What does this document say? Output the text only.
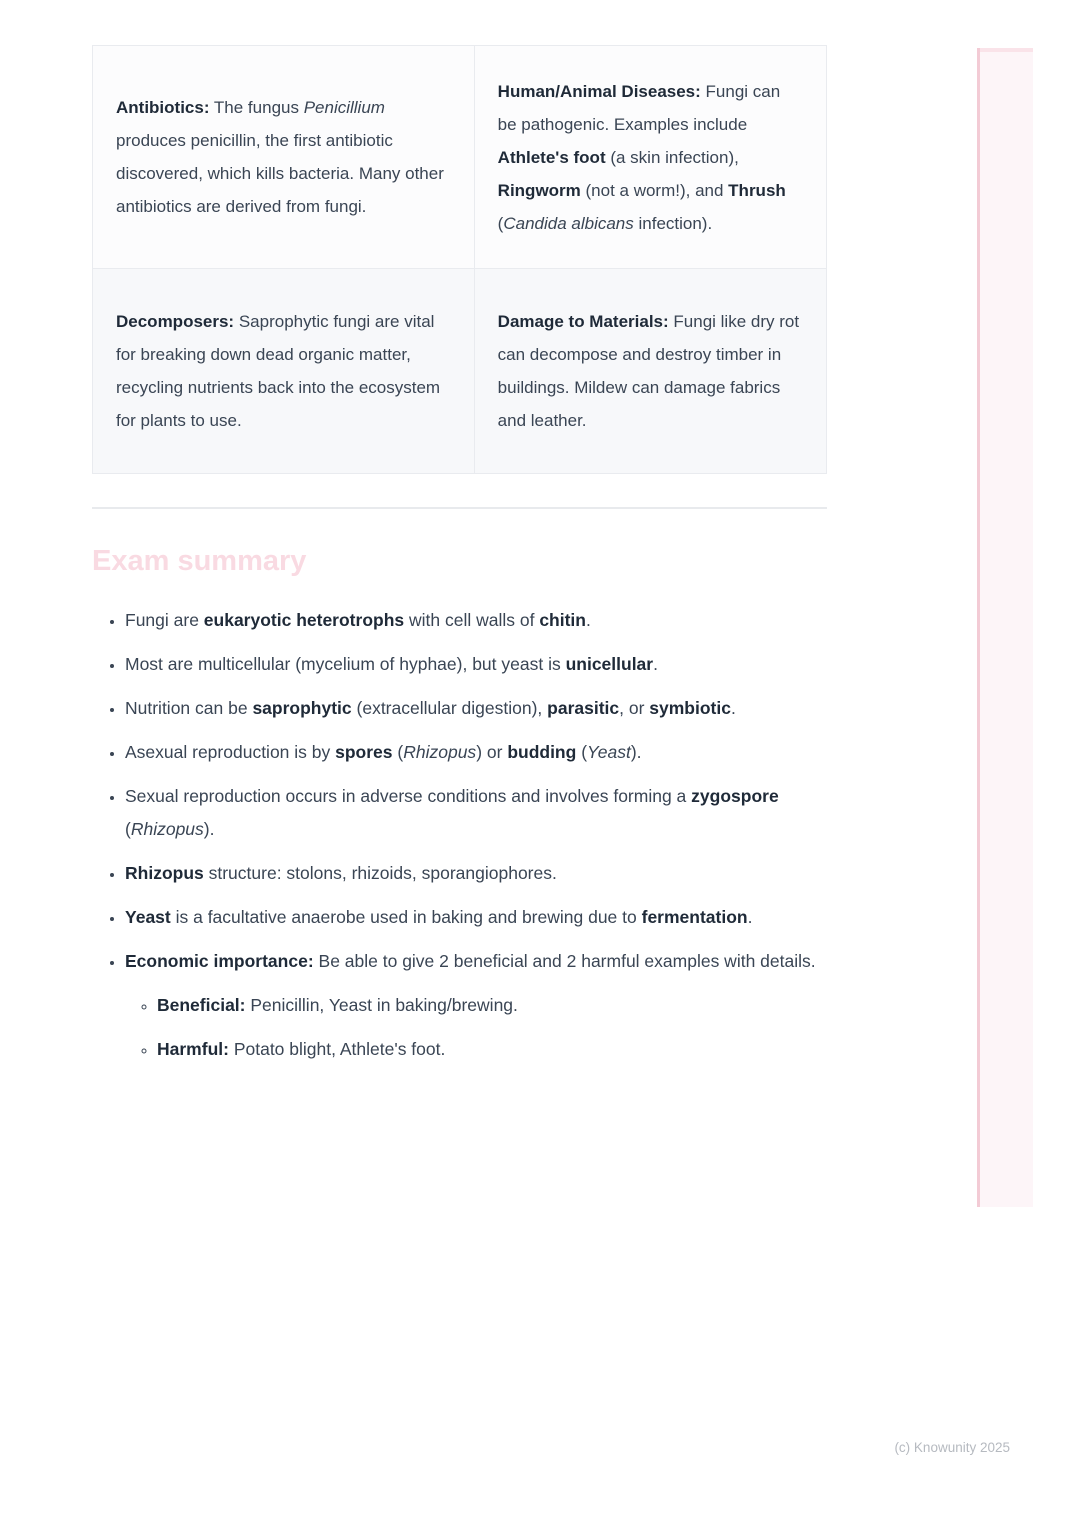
Antibiotics: The fungus Penicillium produces penicillin, the first antibiotic discovered, which kills bacteria. Many other antibiotics are derived from fungi.	Human/Animal Diseases: Fungi can be pathogenic. Examples include Athlete's foot (a skin infection), Ringworm (not a worm!), and Thrush (Candida albicans infection).
Decomposers: Saprophytic fungi are vital for breaking down dead organic matter, recycling nutrients back into the ecosystem for plants to use.	Damage to Materials: Fungi like dry rot can decompose and destroy timber in buildings. Mildew can damage fabrics and leather.
Exam summary
• Fungi are eukaryotic heterotrophs with cell walls of chitin.
• Most are multicellular (mycelium of hyphae), but yeast is unicellular.
• Nutrition can be saprophytic (extracellular digestion), parasitic, or symbiotic.
• Asexual reproduction is by spores (Rhizopus) or budding (Yeast).
• Sexual reproduction occurs in adverse conditions and involves forming a zygospore (Rhizopus).
• Rhizopus structure: stolons, rhizoids, sporangiophores.
• Yeast is a facultative anaerobe used in baking and brewing due to fermentation.
• Economic importance: Be able to give 2 beneficial and 2 harmful examples with details.
◦ Beneficial: Penicillin, Yeast in baking/brewing.
◦ Harmful: Potato blight, Athlete's foot.
(c) Knowunity 2025
